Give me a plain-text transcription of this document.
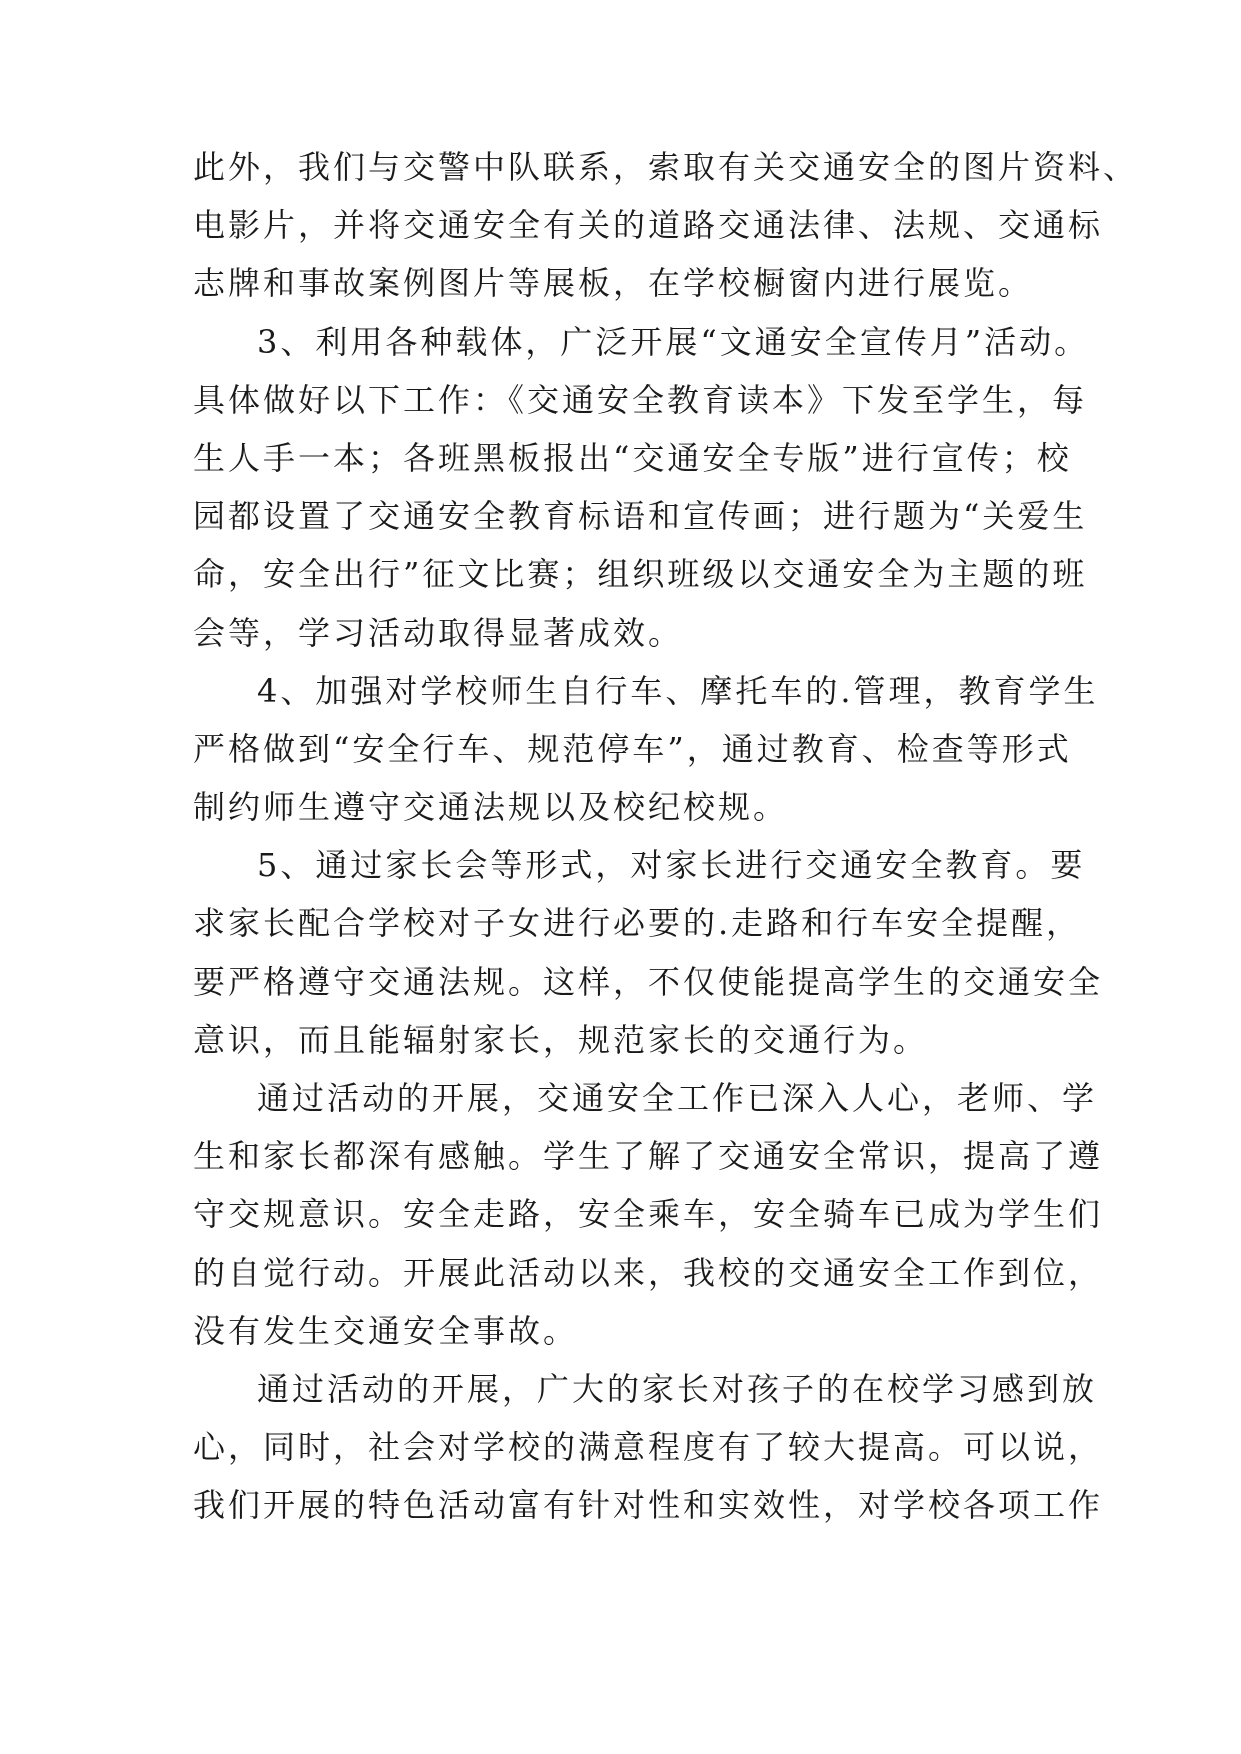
此外，我们与交警中队联系，索取有关交通安全的图片资料、
电影片，并将交通安全有关的道路交通法律、法规、交通标
志牌和事故案例图片等展板，在学校橱窗内进行展览。
3、利用各种载体，广泛开展“文通安全宣传月”活动。
具体做好以下工作：《交通安全教育读本》下发至学生，每
生人手一本；各班黑板报出“交通安全专版”进行宣传；校
园都设置了交通安全教育标语和宣传画；进行题为“关爱生
命，安全出行”征文比赛；组织班级以交通安全为主题的班
会等，学习活动取得显著成效。
4、加强对学校师生自行车、摩托车的.管理，教育学生
严格做到“安全行车、规范停车”，通过教育、检查等形式
制约师生遵守交通法规以及校纪校规。
5、通过家长会等形式，对家长进行交通安全教育。要
求家长配合学校对子女进行必要的.走路和行车安全提醒，
要严格遵守交通法规。这样，不仅使能提高学生的交通安全
意识，而且能辐射家长，规范家长的交通行为。
通过活动的开展，交通安全工作已深入人心，老师、学
生和家长都深有感触。学生了解了交通安全常识，提高了遵
守交规意识。安全走路，安全乘车，安全骑车已成为学生们
的自觉行动。开展此活动以来，我校的交通安全工作到位，
没有发生交通安全事故。
通过活动的开展，广大的家长对孩子的在校学习感到放
心，同时，社会对学校的满意程度有了较大提高。可以说，
我们开展的特色活动富有针对性和实效性，对学校各项工作
